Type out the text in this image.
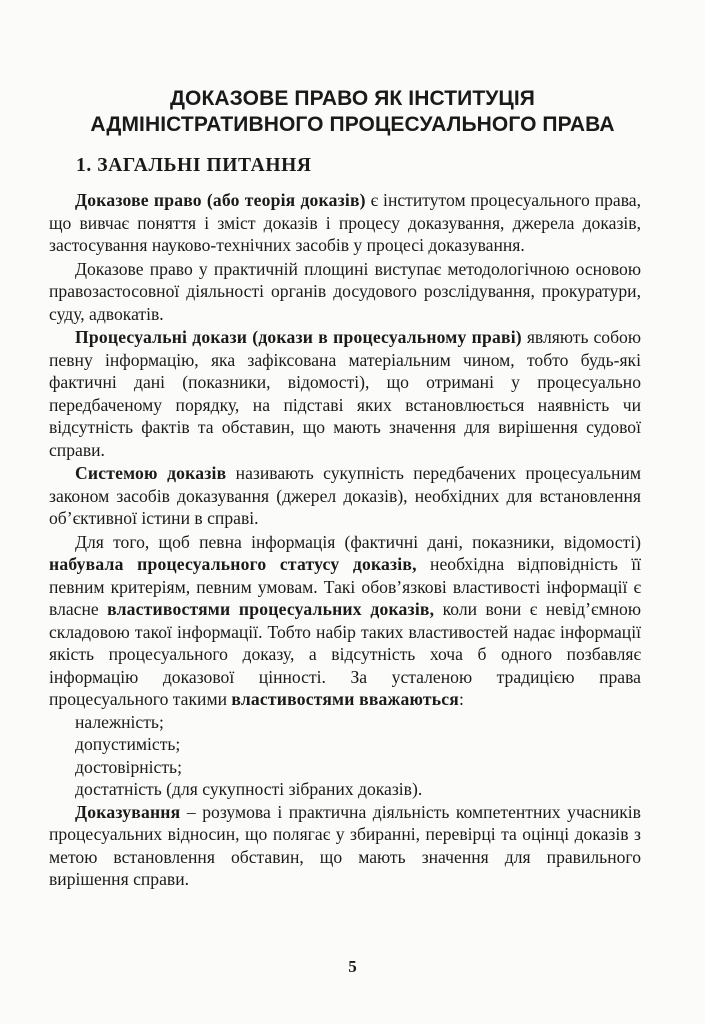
ДОКАЗОВЕ ПРАВО ЯК ІНСТИТУЦІЯ
АДМІНІСТРАТИВНОГО ПРОЦЕСУАЛЬНОГО ПРАВА
1. ЗАГАЛЬНІ ПИТАННЯ

Доказове право (або теорія доказів) є інститутом процесуального права, що вивчає поняття і зміст доказів і процесу доказування, джерела доказів, застосування науково-технічних засобів у процесі доказування.

Доказове право у практичній площині виступає методологічною основою правозастосовної діяльності органів досудового розслідування, прокуратури, суду, адвокатів.

Процесуальні докази (докази в процесуальному праві) являють собою певну інформацію, яка зафіксована матеріальним чином, тобто будь-які фактичні дані (показники, відомості), що отримані у процесуально передбаченому порядку, на підставі яких встановлюється наявність чи відсутність фактів та обставин, що мають значення для вирішення судової справи.

Системою доказів називають сукупність передбачених процесуальним законом засобів доказування (джерел доказів), необхідних для встановлення об’єктивної істини в справі.

Для того, щоб певна інформація (фактичні дані, показники, відомості) набувала процесуального статусу доказів, необхідна відповідність її певним критеріям, певним умовам. Такі обов’язкові властивості інформації є власне властивостями процесуальних доказів, коли вони є невід’ємною складовою такої інформації. Тобто набір таких властивостей надає інформації якість процесуального доказу, а відсутність хоча б одного позбавляє інформацію доказової цінності. За усталеною традицією права процесуального такими властивостями вважаються:

належність;
допустимість;
достовірність;
достатність (для сукупності зібраних доказів).

Доказування – розумова і практична діяльність компетентних учасників процесуальних відносин, що полягає у збиранні, перевірці та оцінці доказів з метою встановлення обставин, що мають значення для правильного вирішення справи.

5
